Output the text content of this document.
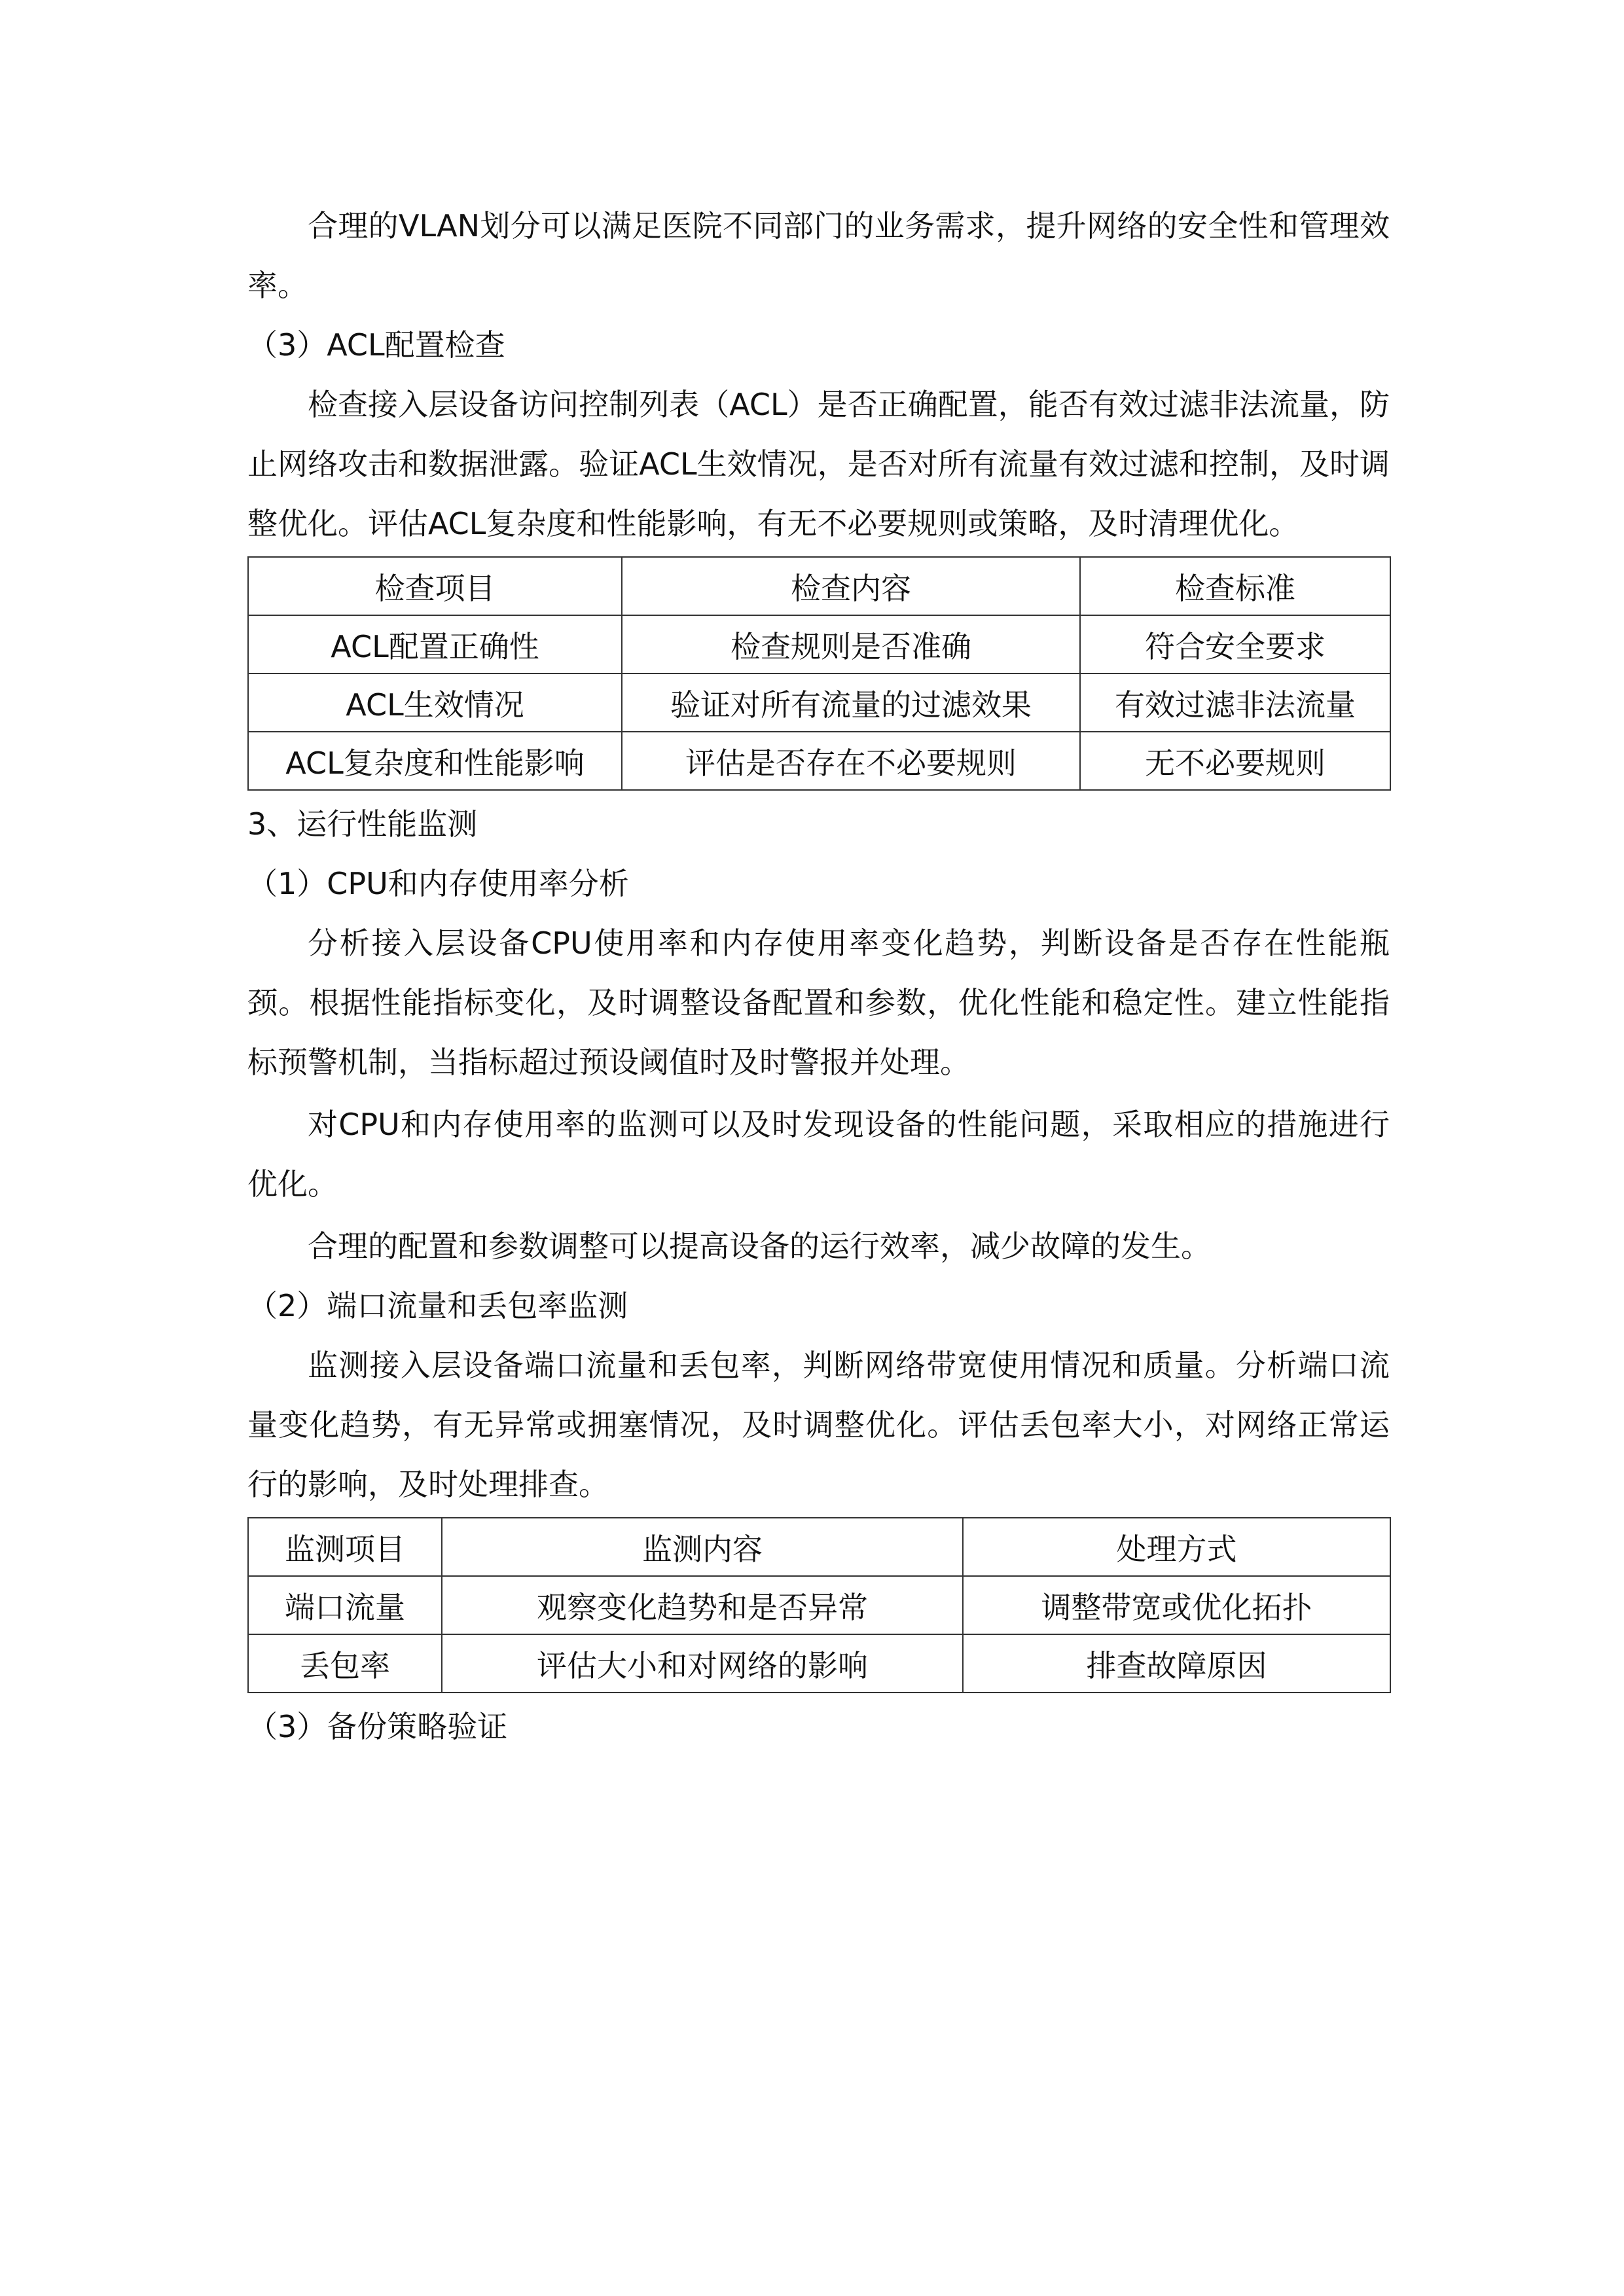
合理的VLAN划分可以满足医院不同部门的业务需求，提升网络的安全性和管理效率。

（3）ACL配置检查

检查接入层设备访问控制列表（ACL）是否正确配置，能否有效过滤非法流量，防止网络攻击和数据泄露。验证ACL生效情况，是否对所有流量有效过滤和控制，及时调整优化。评估ACL复杂度和性能影响，有无不必要规则或策略，及时清理优化。

检查项目	检查内容	检查标准
ACL配置正确性	检查规则是否准确	符合安全要求
ACL生效情况	验证对所有流量的过滤效果	有效过滤非法流量
ACL复杂度和性能影响	评估是否存在不必要规则	无不必要规则

3、运行性能监测

（1）CPU和内存使用率分析

分析接入层设备CPU使用率和内存使用率变化趋势，判断设备是否存在性能瓶颈。根据性能指标变化，及时调整设备配置和参数，优化性能和稳定性。建立性能指标预警机制，当指标超过预设阈值时及时警报并处理。

对CPU和内存使用率的监测可以及时发现设备的性能问题，采取相应的措施进行优化。

合理的配置和参数调整可以提高设备的运行效率，减少故障的发生。

（2）端口流量和丢包率监测

监测接入层设备端口流量和丢包率，判断网络带宽使用情况和质量。分析端口流量变化趋势，有无异常或拥塞情况，及时调整优化。评估丢包率大小，对网络正常运行的影响，及时处理排查。

监测项目	监测内容	处理方式
端口流量	观察变化趋势和是否异常	调整带宽或优化拓扑
丢包率	评估大小和对网络的影响	排查故障原因

（3）备份策略验证
